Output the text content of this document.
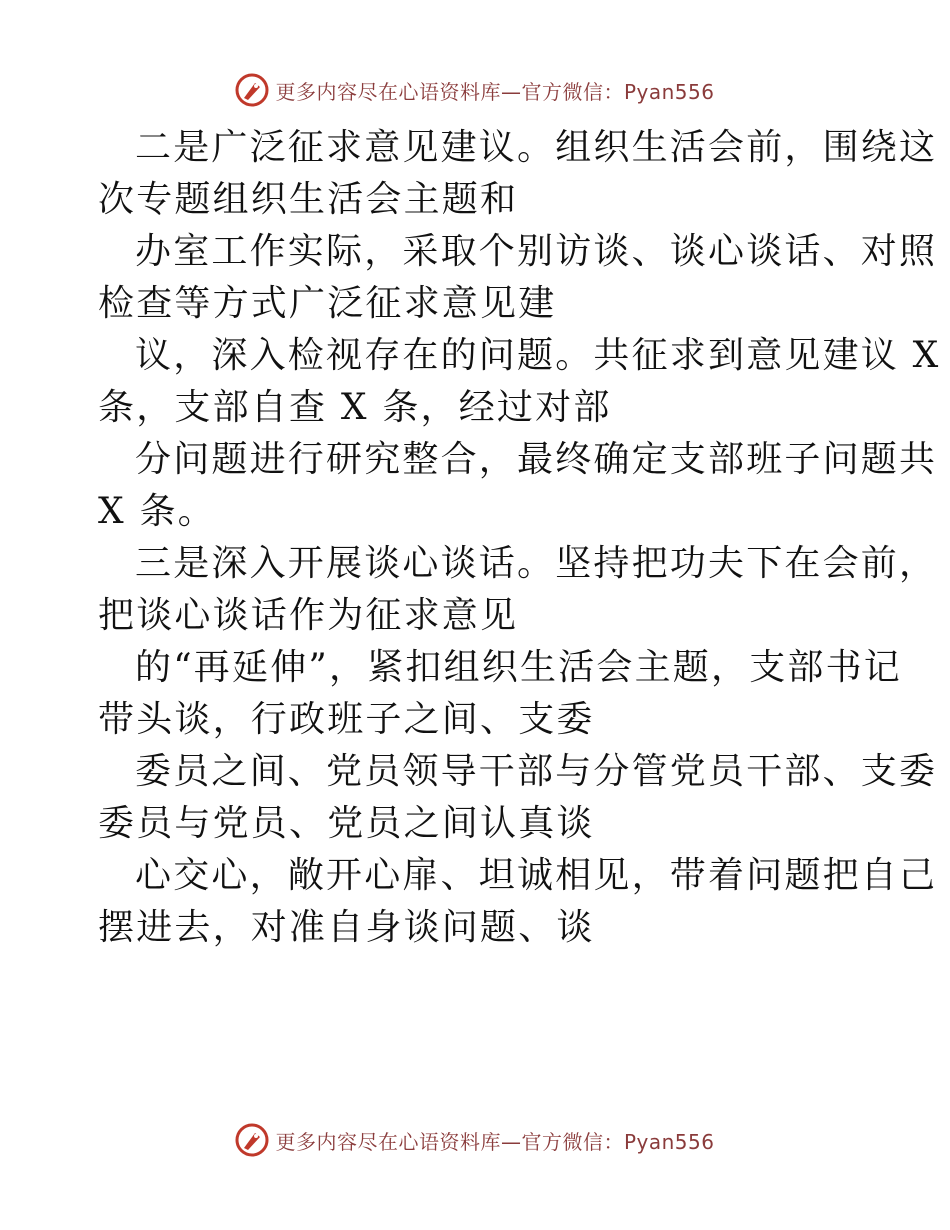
更多内容尽在心语资料库—官方微信：Pyan556
二是广泛征求意见建议。组织生活会前，围绕这
次专题组织生活会主题和
办室工作实际，采取个别访谈、谈心谈话、对照
检查等方式广泛征求意见建
议，深入检视存在的问题。共征求到意见建议 X
条，支部自查 X 条，经过对部
分问题进行研究整合，最终确定支部班子问题共
X 条。
三是深入开展谈心谈话。坚持把功夫下在会前，
把谈心谈话作为征求意见
的“再延伸”，紧扣组织生活会主题，支部书记
带头谈，行政班子之间、支委
委员之间、党员领导干部与分管党员干部、支委
委员与党员、党员之间认真谈
心交心，敞开心扉、坦诚相见，带着问题把自己
摆进去，对准自身谈问题、谈
更多内容尽在心语资料库—官方微信：Pyan556
